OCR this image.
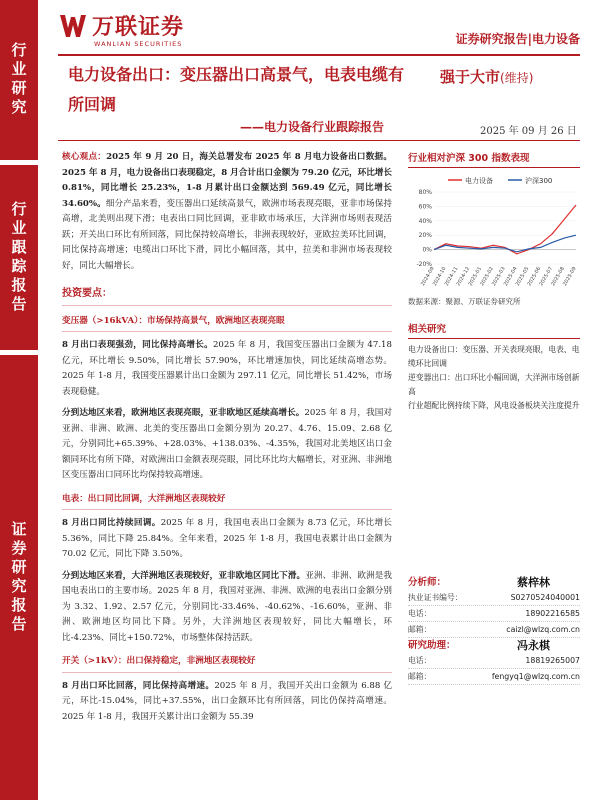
行业研究
行业跟踪报告
证券研究报告
万联证券
WANLIAN SECURITIES	证券研究报告|电力设备
电力设备出口：变压器出口高景气，电表电缆有所回调
——电力设备行业跟踪报告
强于大市(维持)
2025 年 09 月 26 日

核心观点：2025 年 9 月 20 日，海关总署发布 2025 年 8 月电力设备出口数据。2025 年 8 月，电力设备出口表现稳定，8 月合计出口金额为 79.20 亿元，环比增长 0.81%，同比增长 25.23%，1-8 月累计出口金额达到 569.49 亿元，同比增长 34.60%。细分产品来看，变压器出口延续高景气，欧洲市场表现亮眼，亚非市场保持高增，北美则出现下滑；电表出口同比回调，亚非欧市场承压，大洋洲市场则表现活跃；开关出口环比有所回落，同比保持较高增长，非洲表现较好，亚欧拉美环比回调，同比保持高增速；电缆出口环比下滑，同比小幅回落，其中，拉美和非洲市场表现较好，同比大幅增长。

投资要点：
变压器（>16kVA）：市场保持高景气，欧洲地区表现亮眼

8 月出口表现强劲，同比保持高增长。2025 年 8 月，我国变压器出口金额为 47.18 亿元，环比增长 9.50%，同比增长 57.90%，环比增速加快，同比延续高增态势。2025 年 1-8 月，我国变压器累计出口金额为 297.11 亿元，同比增长 51.42%，市场表现稳健。

分到达地区来看，欧洲地区表现亮眼，亚非欧地区延续高增长。2025 年 8 月，我国对亚洲、非洲、欧洲、北美的变压器出口金额分别为 20.27、4.76、15.09、2.68 亿元，分别同比+65.39%、+28.03%、+138.03%、-4.35%，我国对北美地区出口金额同环比有所下降，对欧洲出口金额表现亮眼，同比环比均大幅增长，对亚洲、非洲地区变压器出口同环比均保持较高增速。

电表：出口同比回调，大洋洲地区表现较好

8 月出口同比持续回调。2025 年 8 月，我国电表出口金额为 8.73 亿元，环比增长 5.36%，同比下降 25.84%。全年来看，2025 年 1-8 月，我国电表累计出口金额为 70.02 亿元，同比下降 3.50%。

分到达地区来看，大洋洲地区表现较好，亚非欧地区同比下滑。亚洲、非洲、欧洲是我国电表出口的主要市场。2025 年 8 月，我国对亚洲、非洲、欧洲的电表出口金额分别为 3.32、1.92、2.57 亿元，分别同比-33.46%、-40.62%、-16.60%，亚洲、非洲、欧洲地区均同比下降。另外，大洋洲地区表现较好，同比大幅增长，环比-4.23%、同比+150.72%，市场整体保持活跃。

开关（>1kV）：出口保持稳定，非洲地区表现较好

8 月出口环比回落，同比保持高增速。2025 年 8 月，我国开关出口金额为 6.88 亿元，环比-15.04%，同比+37.55%，出口金额环比有所回落，同比仍保持高增速。2025 年 1-8 月，我国开关累计出口金额为 55.39

行业相对沪深 300 指数表现
电力设备	沪深300
80%
60%
40%
20%
0%
-20%
2024-09
2024-10
2024-11
2024-12
2025-01
2025-02
2025-03
2025-04
2025-05
2025-06
2025-07
2025-08
2025-09
数据来源：聚源、万联证券研究所
相关研究
电力设备出口：变压器、开关表现亮眼，电表、电缆环比回调
逆变器出口：出口环比小幅回调，大洋洲市场创新高
行业超配比例持续下降，风电设备板块关注度提升
分析师：	蔡梓林
执业证书编号：	S0270524040001
电话：	18902216585
邮箱：	caizl@wlzq.com.cn
研究助理：	冯永棋
电话：	18819265007
邮箱：	fengyq1@wlzq.com.cn
